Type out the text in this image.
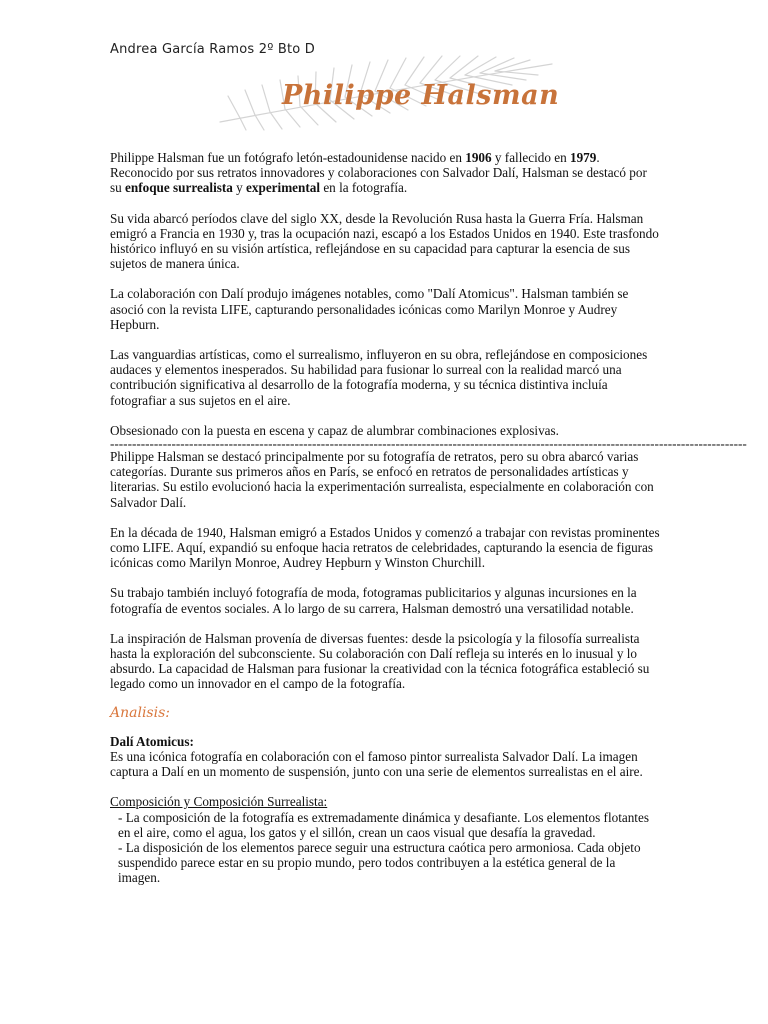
Andrea García Ramos 2º Bto D
Philippe Halsman

Philippe Halsman fue un fotógrafo letón-estadounidense nacido en 1906 y fallecido en 1979. Reconocido por sus retratos innovadores y colaboraciones con Salvador Dalí, Halsman se destacó por su enfoque surrealista y experimental en la fotografía.

Su vida abarcó períodos clave del siglo XX, desde la Revolución Rusa hasta la Guerra Fría. Halsman emigró a Francia en 1930 y, tras la ocupación nazi, escapó a los Estados Unidos en 1940. Este trasfondo histórico influyó en su visión artística, reflejándose en su capacidad para capturar la esencia de sus sujetos de manera única.

La colaboración con Dalí produjo imágenes notables, como "Dalí Atomicus". Halsman también se asoció con la revista LIFE, capturando personalidades icónicas como Marilyn Monroe y Audrey Hepburn.

Las vanguardias artísticas, como el surrealismo, influyeron en su obra, reflejándose en composiciones audaces y elementos inesperados. Su habilidad para fusionar lo surreal con la realidad marcó una contribución significativa al desarrollo de la fotografía moderna, y su técnica distintiva incluía fotografiar a sus sujetos en el aire.

Obsesionado con la puesta en escena y capaz de alumbrar combinaciones explosivas.

-------------------------------------------------------------------------------------------------------------------------------------------------

Philippe Halsman se destacó principalmente por su fotografía de retratos, pero su obra abarcó varias categorías. Durante sus primeros años en París, se enfocó en retratos de personalidades artísticas y literarias. Su estilo evolucionó hacia la experimentación surrealista, especialmente en colaboración con Salvador Dalí.

En la década de 1940, Halsman emigró a Estados Unidos y comenzó a trabajar con revistas prominentes como LIFE. Aquí, expandió su enfoque hacia retratos de celebridades, capturando la esencia de figuras icónicas como Marilyn Monroe, Audrey Hepburn y Winston Churchill.

Su trabajo también incluyó fotografía de moda, fotogramas publicitarios y algunas incursiones en la fotografía de eventos sociales. A lo largo de su carrera, Halsman demostró una versatilidad notable.

La inspiración de Halsman provenía de diversas fuentes: desde la psicología y la filosofía surrealista hasta la exploración del subconsciente. Su colaboración con Dalí refleja su interés en lo inusual y lo absurdo. La capacidad de Halsman para fusionar la creatividad con la técnica fotográfica estableció su legado como un innovador en el campo de la fotografía.

Analisis:

Dalí Atomicus:

Es una icónica fotografía en colaboración con el famoso pintor surrealista Salvador Dalí. La imagen captura a Dalí en un momento de suspensión, junto con una serie de elementos surrealistas en el aire.

Composición y Composición Surrealista:

- La composición de la fotografía es extremadamente dinámica y desafiante. Los elementos flotantes en el aire, como el agua, los gatos y el sillón, crean un caos visual que desafía la gravedad.

- La disposición de los elementos parece seguir una estructura caótica pero armoniosa. Cada objeto suspendido parece estar en su propio mundo, pero todos contribuyen a la estética general de la imagen.
